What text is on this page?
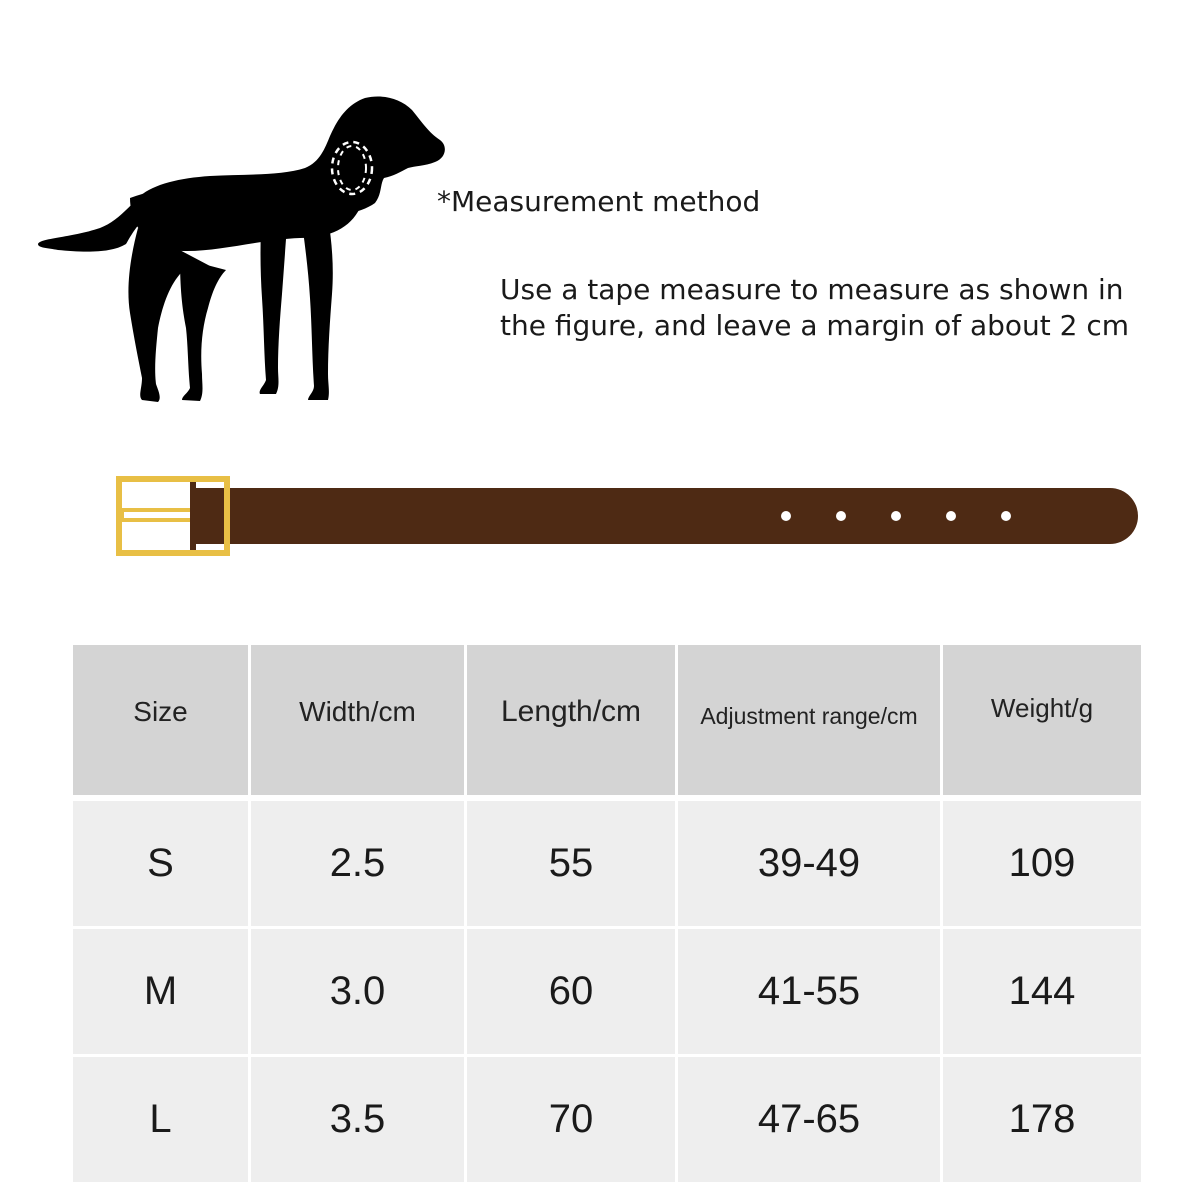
*Measurement method
Use a tape measure to measure as shown in
the figure, and leave a margin of about 2 cm
Size	Width/cm	Length/cm	Adjustment range/cm	Weight/g
S	2.5	55	39-49	109
M	3.0	60	41-55	144
L	3.5	70	47-65	178
